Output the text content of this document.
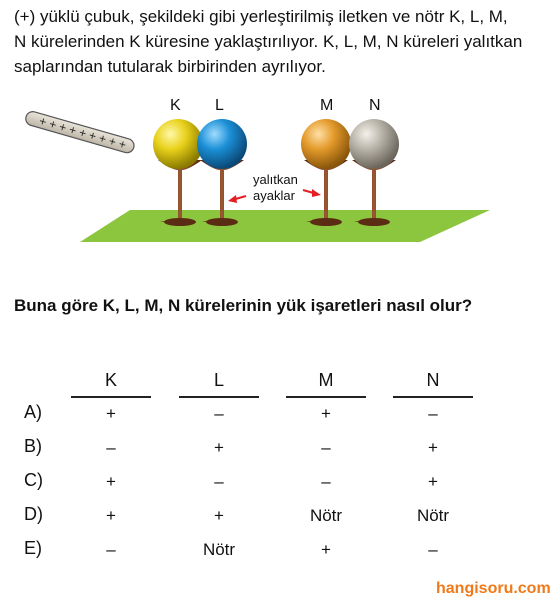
(+) yüklü çubuk, şekildeki gibi yerleştirilmiş iletken ve nötr K, L, M, N kürelerinden K küresine yaklaştırılıyor. K, L, M, N küreleri yalıtkan saplarından tutularak birbirinden ayrılıyor.

+ + + + + + + + +
K L	M N
yalıtkan
ayaklar

Buna göre K, L, M, N kürelerinin yük işaretleri nasıl olur?

K	L	M	N
A)	+	–	+	–
B)	–	+	–	+
C)	+	–	–	+
D)	+	+	Nötr	Nötr
E)	–	Nötr	+	–
hangisoru.com
